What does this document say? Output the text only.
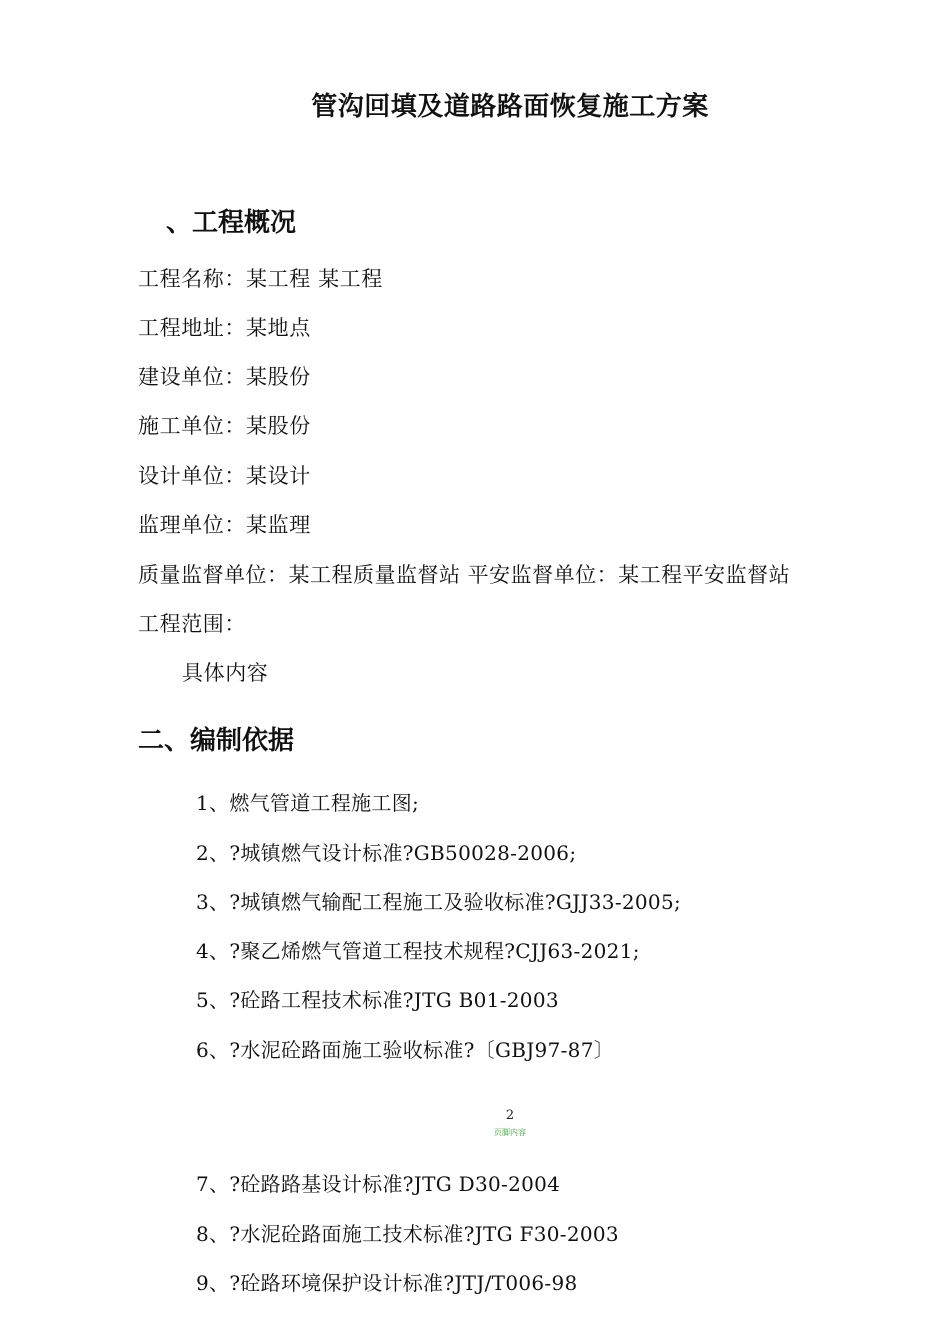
管沟回填及道路路面恢复施工方案
、工程概况
工程名称：某工程 某工程
工程地址：某地点
建设单位：某股份
施工单位：某股份
设计单位：某设计
监理单位：某监理
质量监督单位：某工程质量监督站 平安监督单位：某工程平安监督站
工程范围：
具体内容
二、编制依据
1、燃气管道工程施工图;
2、?城镇燃气设计标准?GB50028-2006;
3、?城镇燃气输配工程施工及验收标准?GJJ33-2005;
4、?聚乙烯燃气管道工程技术规程?CJJ63-2021;
5、?砼路工程技术标准?JTG B01-2003
6、?水泥砼路面施工验收标准?〔GBJ97-87〕
2
页脚内容
7、?砼路路基设计标准?JTG D30-2004
8、?水泥砼路面施工技术标准?JTG F30-2003
9、?砼路环境保护设计标准?JTJ/T006-98
